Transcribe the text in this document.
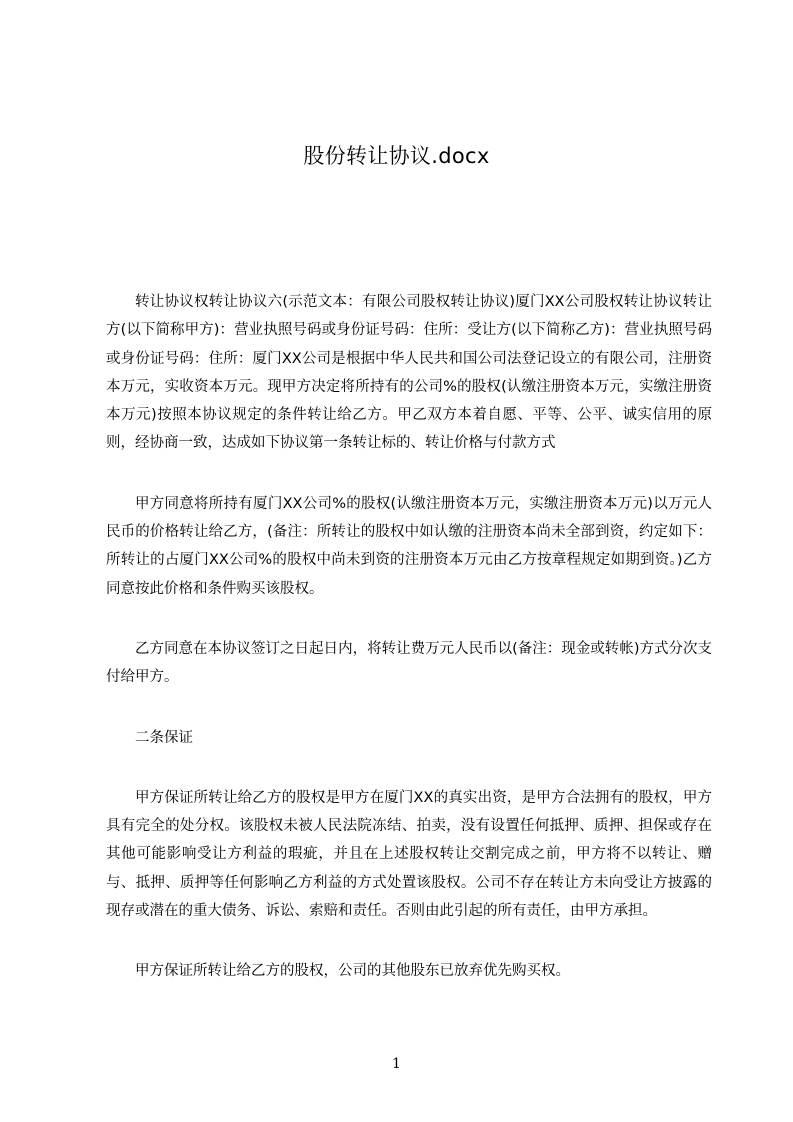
股份转让协议.docx

转让协议权转让协议六(示范文本：有限公司股权转让协议)厦门XX公司股权转让协议转让方(以下简称甲方)：营业执照号码或身份证号码：住所：受让方(以下简称乙方)：营业执照号码或身份证号码：住所：厦门XX公司是根据中华人民共和国公司法登记设立的有限公司，注册资本万元，实收资本万元。现甲方决定将所持有的公司%的股权(认缴注册资本万元，实缴注册资本万元)按照本协议规定的条件转让给乙方。甲乙双方本着自愿、平等、公平、诚实信用的原则，经协商一致，达成如下协议第一条转让标的、转让价格与付款方式

甲方同意将所持有厦门XX公司%的股权(认缴注册资本万元，实缴注册资本万元)以万元人民币的价格转让给乙方，(备注：所转让的股权中如认缴的注册资本尚未全部到资，约定如下：所转让的占厦门XX公司%的股权中尚未到资的注册资本万元由乙方按章程规定如期到资。)乙方同意按此价格和条件购买该股权。

乙方同意在本协议签订之日起日内，将转让费万元人民币以(备注：现金或转帐)方式分次支付给甲方。

二条保证

甲方保证所转让给乙方的股权是甲方在厦门XX的真实出资，是甲方合法拥有的股权，甲方具有完全的处分权。该股权未被人民法院冻结、拍卖，没有设置任何抵押、质押、担保或存在其他可能影响受让方利益的瑕疵，并且在上述股权转让交割完成之前，甲方将不以转让、赠与、抵押、质押等任何影响乙方利益的方式处置该股权。公司不存在转让方未向受让方披露的现存或潜在的重大债务、诉讼、索赔和责任。否则由此引起的所有责任，由甲方承担。

甲方保证所转让给乙方的股权，公司的其他股东已放弃优先购买权。

1
